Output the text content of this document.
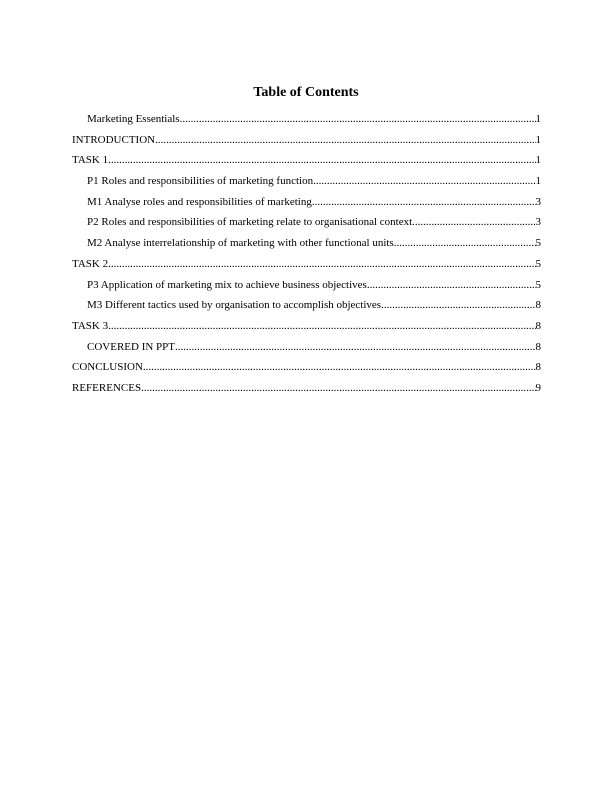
Table of Contents
Marketing Essentials .....	1
INTRODUCTION .....	1
TASK 1 .....	1
P1 Roles and responsibilities of marketing function .....	1
M1 Analyse roles and responsibilities of marketing .....	3
P2 Roles and responsibilities of marketing relate to organisational context .....	3
M2 Analyse interrelationship of marketing with other functional units .....	5
TASK 2 .....	5
P3 Application of marketing mix to achieve business objectives .....	5
M3 Different tactics used by organisation to accomplish objectives .....	8
TASK 3 .....	8
COVERED IN PPT .....	8
CONCLUSION .....	8
REFERENCES .....	9
